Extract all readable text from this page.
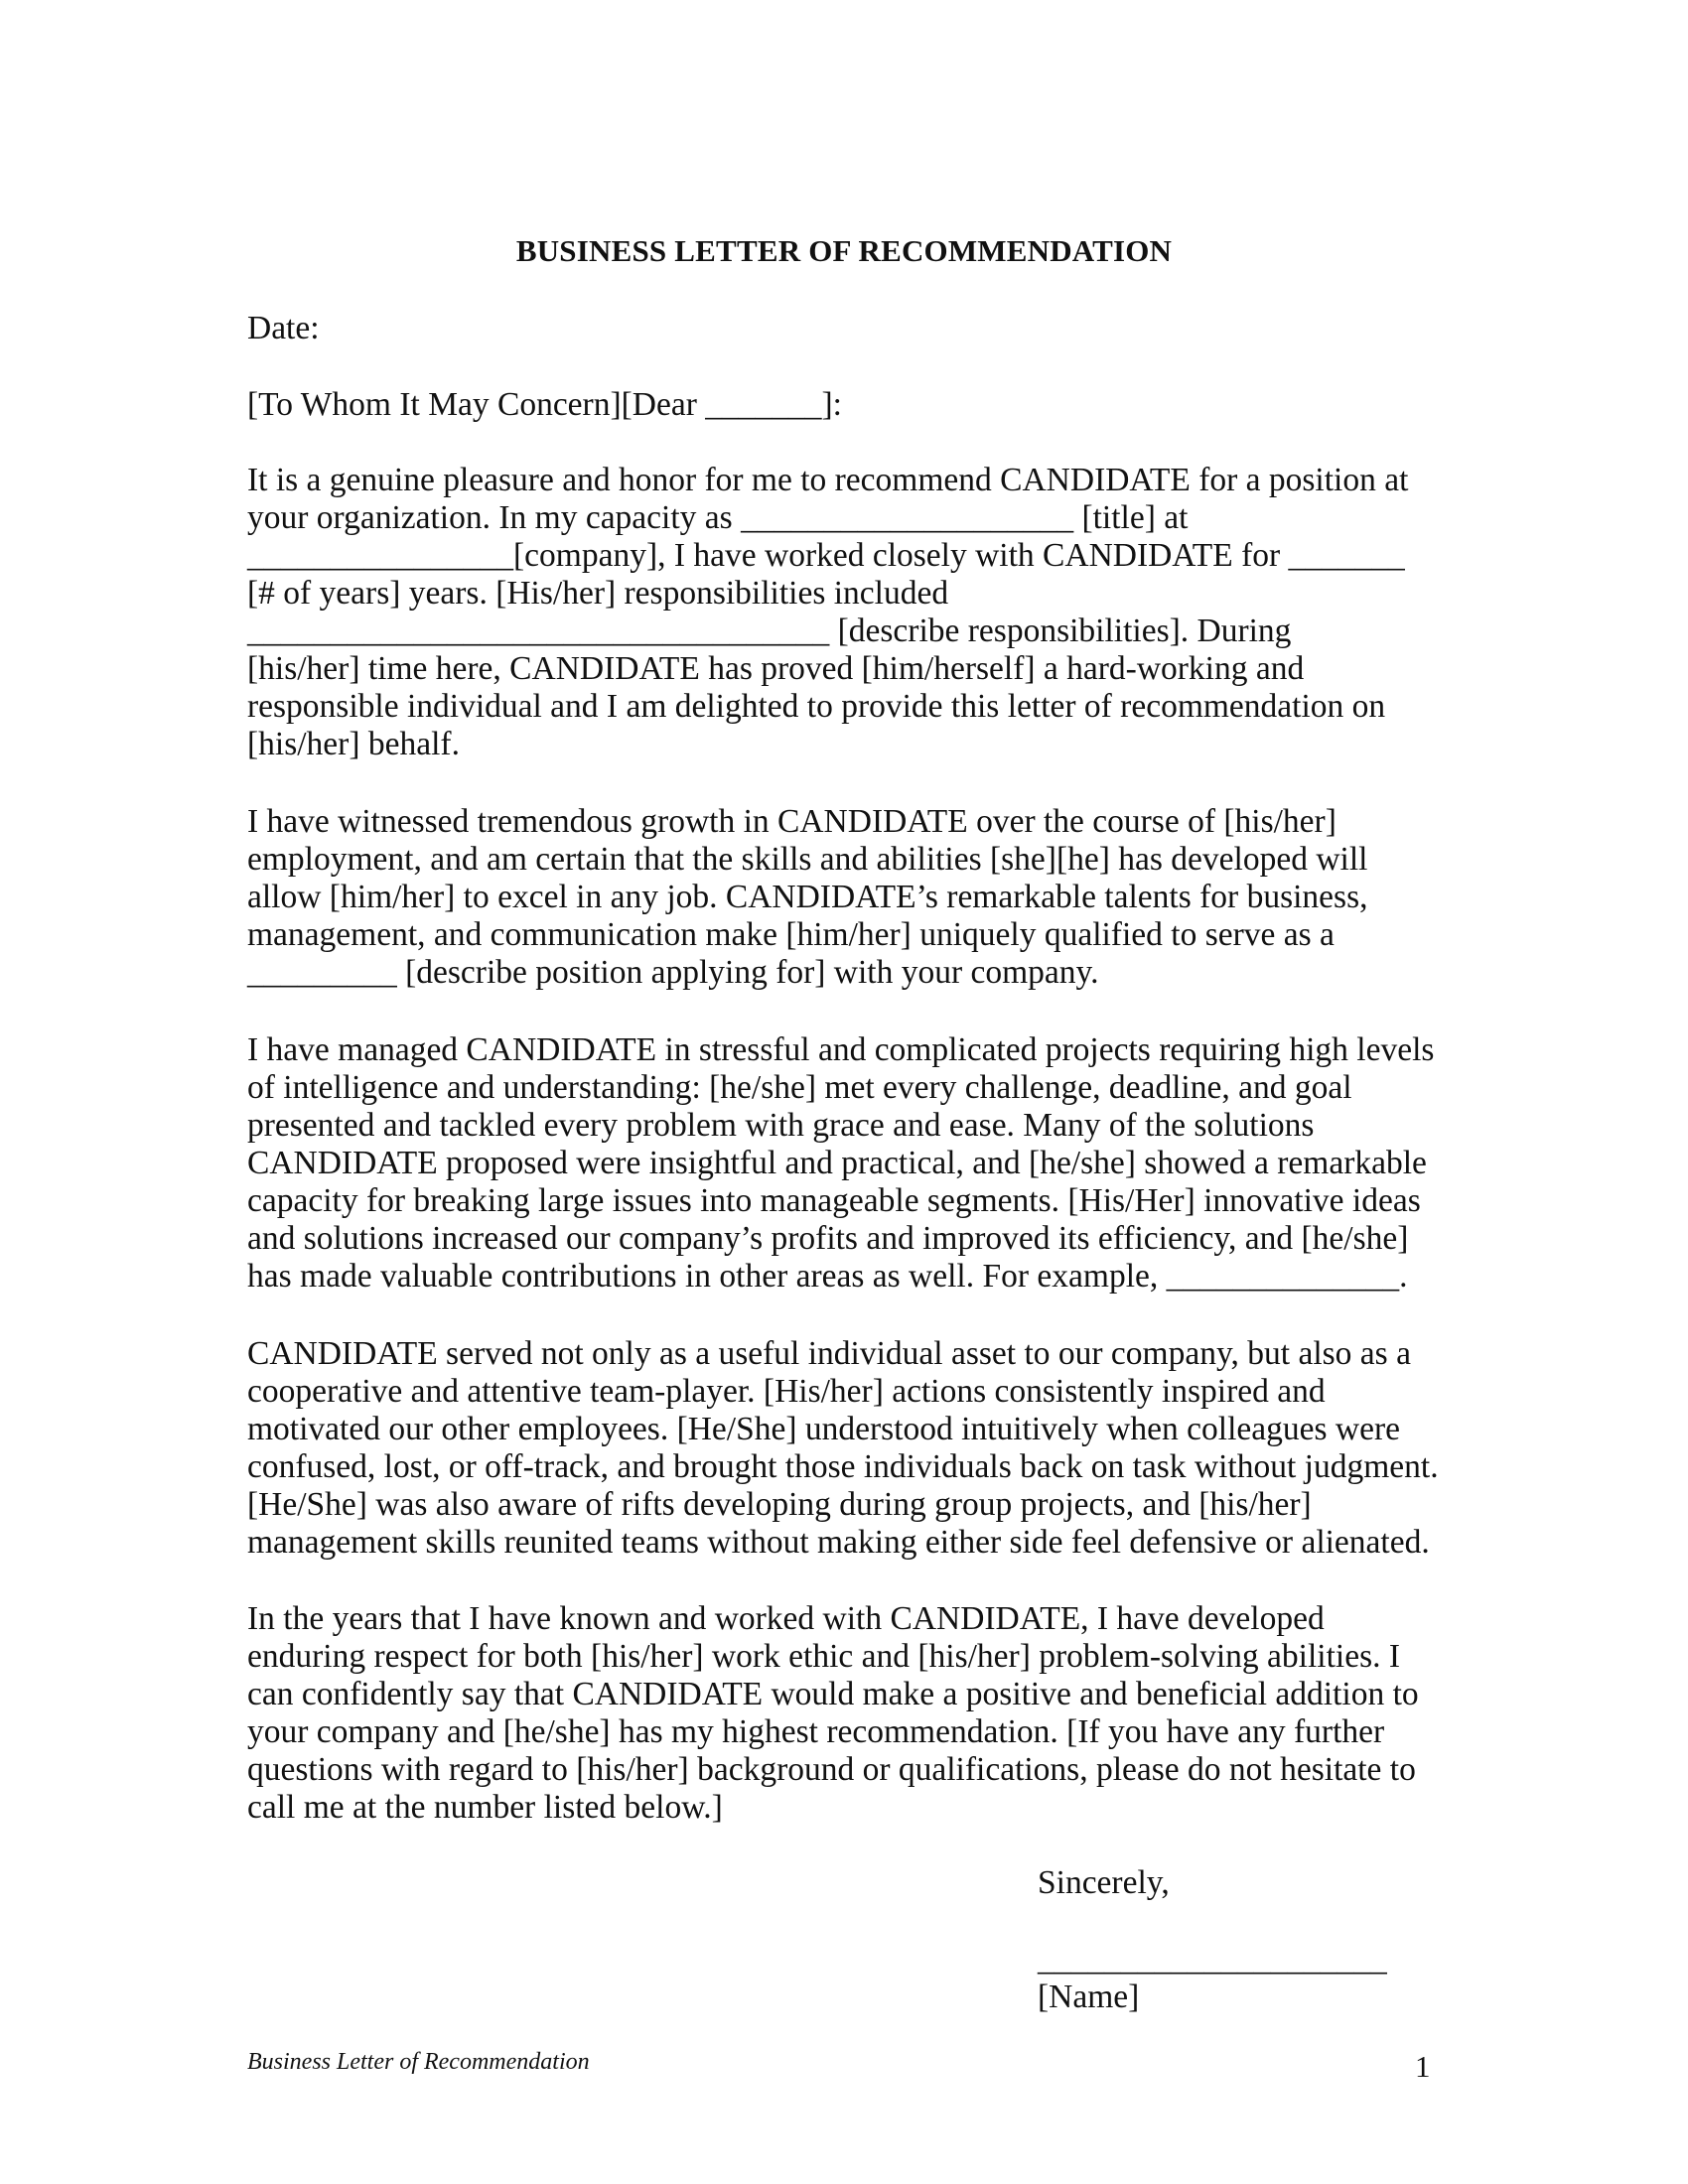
BUSINESS LETTER OF RECOMMENDATION
Date:
[To Whom It May Concern][Dear _______]:
It is a genuine pleasure and honor for me to recommend CANDIDATE for a position at
your organization. In my capacity as ____________________ [title] at
________________[company], I have worked closely with CANDIDATE for _______
[# of years] years. [His/her] responsibilities included
___________________________________ [describe responsibilities]. During
[his/her] time here, CANDIDATE has proved [him/herself] a hard-working and
responsible individual and I am delighted to provide this letter of recommendation on
[his/her] behalf.
I have witnessed tremendous growth in CANDIDATE over the course of [his/her]
employment, and am certain that the skills and abilities [she][he] has developed will
allow [him/her] to excel in any job. CANDIDATE’s remarkable talents for business,
management, and communication make [him/her] uniquely qualified to serve as a
_________ [describe position applying for] with your company.
I have managed CANDIDATE in stressful and complicated projects requiring high levels
of intelligence and understanding: [he/she] met every challenge, deadline, and goal
presented and tackled every problem with grace and ease. Many of the solutions
CANDIDATE proposed were insightful and practical, and [he/she] showed a remarkable
capacity for breaking large issues into manageable segments. [His/Her] innovative ideas
and solutions increased our company’s profits and improved its efficiency, and [he/she]
has made valuable contributions in other areas as well. For example, ______________.
CANDIDATE served not only as a useful individual asset to our company, but also as a
cooperative and attentive team-player. [His/her] actions consistently inspired and
motivated our other employees. [He/She] understood intuitively when colleagues were
confused, lost, or off-track, and brought those individuals back on task without judgment.
[He/She] was also aware of rifts developing during group projects, and [his/her]
management skills reunited teams without making either side feel defensive or alienated.
In the years that I have known and worked with CANDIDATE, I have developed
enduring respect for both [his/her] work ethic and [his/her] problem-solving abilities. I
can confidently say that CANDIDATE would make a positive and beneficial addition to
your company and [he/she] has my highest recommendation. [If you have any further
questions with regard to [his/her] background or qualifications, please do not hesitate to
call me at the number listed below.]
Sincerely,
_____________________
[Name]
Business Letter of Recommendation	1
